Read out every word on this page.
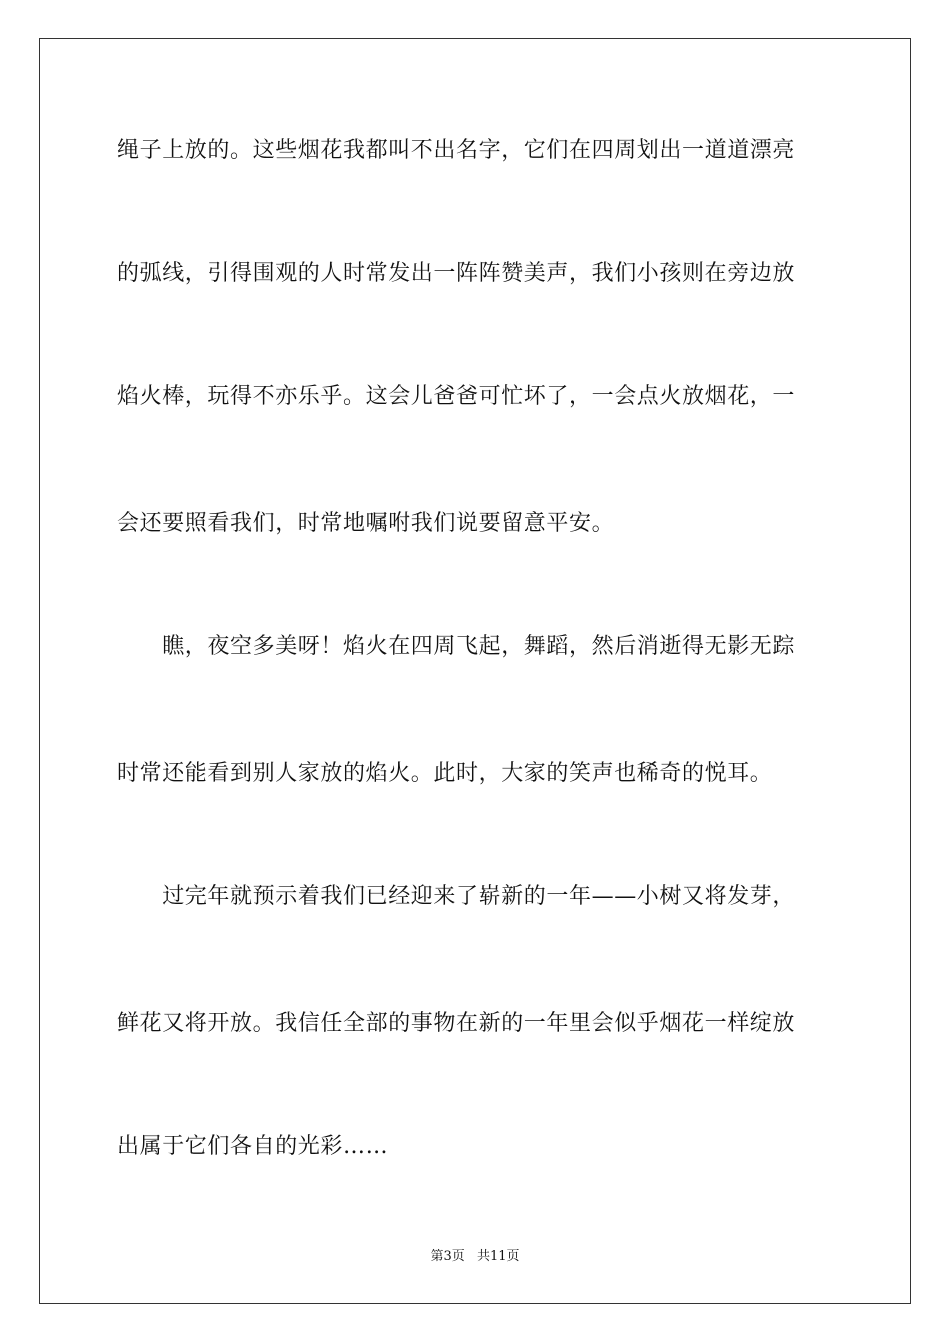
绳子上放的。这些烟花我都叫不出名字，它们在四周划出一道道漂亮
的弧线，引得围观的人时常发出一阵阵赞美声，我们小孩则在旁边放
焰火棒，玩得不亦乐乎。这会儿爸爸可忙坏了，一会点火放烟花，一
会还要照看我们，时常地嘱咐我们说要留意平安。
　　瞧，夜空多美呀！焰火在四周飞起，舞蹈，然后消逝得无影无踪
时常还能看到别人家放的焰火。此时，大家的笑声也稀奇的悦耳。
　　过完年就预示着我们已经迎来了崭新的一年——小树又将发芽，
鲜花又将开放。我信任全部的事物在新的一年里会似乎烟花一样绽放
出属于它们各自的光彩……
第3页 共11页
